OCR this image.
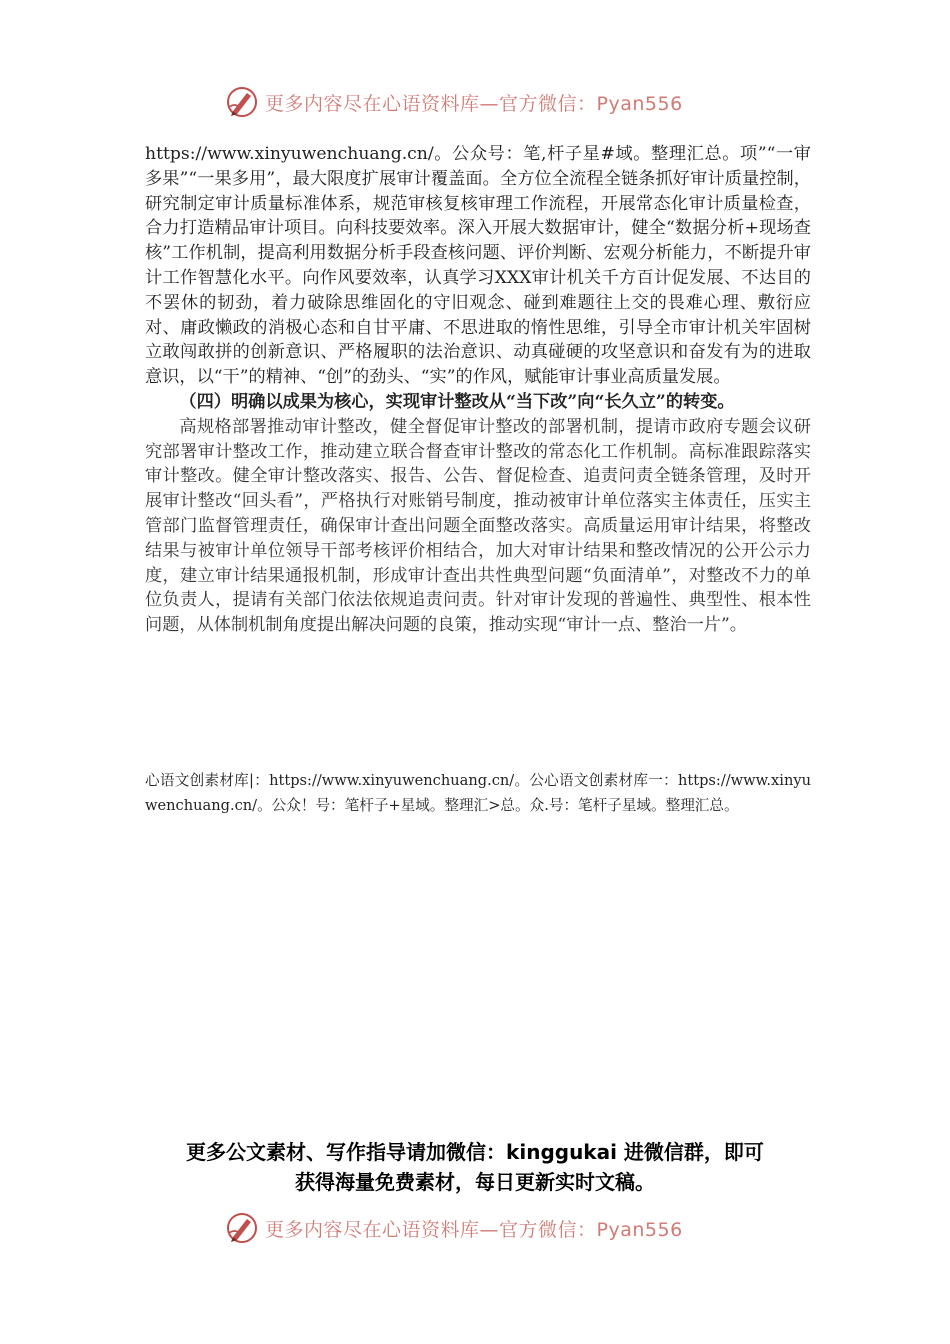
更多内容尽在心语资料库—官方微信：Pyan556

https://www.xinyuwenchuang.cn/。公众号：笔,杆子星#域。整理汇总。项”“一审多果”“一果多用”，最大限度扩展审计覆盖面。全方位全流程全链条抓好审计质量控制，研究制定审计质量标准体系，规范审核复核审理工作流程，开展常态化审计质量检查，合力打造精品审计项目。向科技要效率。深入开展大数据审计，健全“数据分析+现场查核”工作机制，提高利用数据分析手段查核问题、评价判断、宏观分析能力，不断提升审计工作智慧化水平。向作风要效率，认真学习XXX审计机关千方百计促发展、不达目的不罢休的韧劲，着力破除思维固化的守旧观念、碰到难题往上交的畏难心理、敷衍应对、庸政懒政的消极心态和自甘平庸、不思进取的惰性思维，引导全市审计机关牢固树立敢闯敢拼的创新意识、严格履职的法治意识、动真碰硬的攻坚意识和奋发有为的进取意识，以“干”的精神、“创”的劲头、“实”的作风，赋能审计事业高质量发展。

（四）明确以成果为核心，实现审计整改从“当下改”向“长久立”的转变。

高规格部署推动审计整改，健全督促审计整改的部署机制，提请市政府专题会议研究部署审计整改工作，推动建立联合督查审计整改的常态化工作机制。高标准跟踪落实审计整改。健全审计整改落实、报告、公告、督促检查、追责问责全链条管理，及时开展审计整改“回头看”，严格执行对账销号制度，推动被审计单位落实主体责任，压实主管部门监督管理责任，确保审计查出问题全面整改落实。高质量运用审计结果，将整改结果与被审计单位领导干部考核评价相结合，加大对审计结果和整改情况的公开公示力度，建立审计结果通报机制，形成审计查出共性典型问题“负面清单”，对整改不力的单位负责人，提请有关部门依法依规追责问责。针对审计发现的普遍性、典型性、根本性问题，从体制机制角度提出解决问题的良策，推动实现“审计一点、整治一片”。

心语文创素材库|：https://www.xinyuwenchuang.cn/。公心语文创素材库一：https://www.xinyuwenchuang.cn/。公众！号：笔杆子+星域。整理汇>总。众.号：笔杆子星域。整理汇总。
更多公文素材、写作指导请加微信：kinggukai 进微信群，即可
获得海量免费素材，每日更新实时文稿。
更多内容尽在心语资料库—官方微信：Pyan556
